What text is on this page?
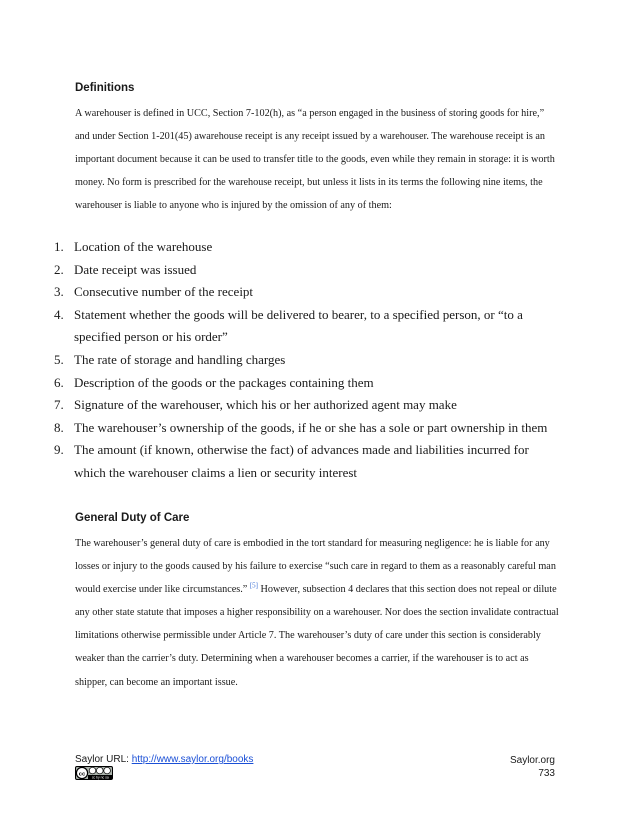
Definitions

A warehouser is defined in UCC, Section 7-102(h), as “a person engaged in the business of storing goods for hire,” and under Section 1-201(45) awarehouse receipt is any receipt issued by a warehouser. The warehouse receipt is an important document because it can be used to transfer title to the goods, even while they remain in storage: it is worth money. No form is prescribed for the warehouse receipt, but unless it lists in its terms the following nine items, the warehouser is liable to anyone who is injured by the omission of any of them:

1. Location of the warehouse
2. Date receipt was issued
3. Consecutive number of the receipt
4. Statement whether the goods will be delivered to bearer, to a specified person, or “to a specified person or his order”
5. The rate of storage and handling charges
6. Description of the goods or the packages containing them
7. Signature of the warehouser, which his or her authorized agent may make
8. The warehouser’s ownership of the goods, if he or she has a sole or part ownership in them
9. The amount (if known, otherwise the fact) of advances made and liabilities incurred for which the warehouser claims a lien or security interest
General Duty of Care

The warehouser’s general duty of care is embodied in the tort standard for measuring negligence: he is liable for any losses or injury to the goods caused by his failure to exercise “such care in regard to them as a reasonably careful man would exercise under like circumstances.” [5] However, subsection 4 declares that this section does not repeal or dilute any other state statute that imposes a higher responsibility on a warehouser. Nor does the section invalidate contractual limitations otherwise permissible under Article 7. The warehouser’s duty of care under this section is considerably weaker than the carrier’s duty. Determining when a warehouser becomes a carrier, if the warehouser is to act as shipper, can become an important issue.

Saylor URL: http://www.saylor.org/books
cc
cc by nc sa
Saylor.org
733
